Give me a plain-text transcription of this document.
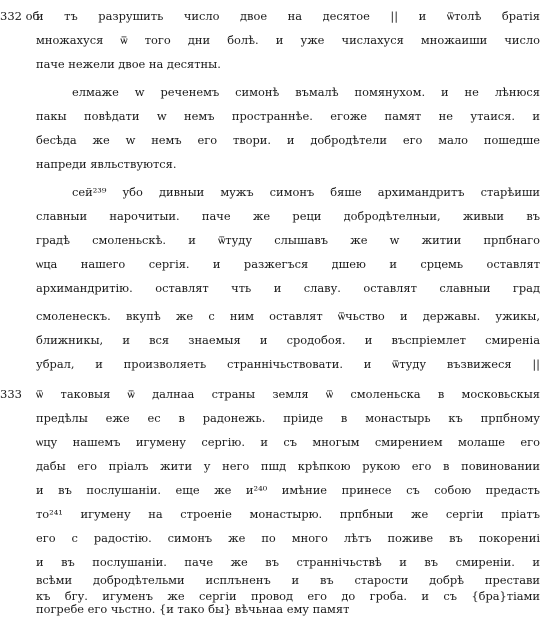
332 об.
333
и тъ разрушить число двое на десятое || и ѿтолѣ братія
множахуся ѿ того дни болѣ. и уже числахуся множаиши число
паче нежели двое на десятны.
елмаже w реченемъ симонѣ въмалѣ помянухом. и не лѣнюся
пакы повѣдати w немъ пространнѣе. егоже памят не утаися. и
бесѣда же w немъ его твори. и добродѣтели его мало пошедше
напреди явльствуются.
сей²³⁹ убо дивныи мужъ симонъ бяше архимандритъ старѣиши
славныи нарочитыи. паче же реци добродѣтелныи, живыи въ
градѣ смоленьскѣ. и ѿтуду слышавъ же w житии прпбнаго
ѡца нашего сергія. и разжегъся дшею и срцемь оставлят
архимандритію. оставлят чть и славу. оставлят славныи град
смоленескъ. вкупѣ же с ним оставлят ѿчьство и державы. ужикы,
ближникы, и вся знаемыя и сродобоя. и въспріемлет смиреніа
убрал, и произволяеть страннічьствовати. и ѿтуду възвижеся ||
ѿ таковыя ѿ далнаа страны земля ѿ смоленьска в московьскыя
предѣлы еже ес в радонежь. пріиде в монастырь къ прпбному
ѡцу нашемъ игумену сергію. и съ многым смирением молаше его
дабы его пріалъ жити у него пшд крѣпкою рукою его в повиновании
и въ послушаніи. еще же и²⁴⁰ имѣние принесе съ собою предасть
то²⁴¹ игумену на строеніе монастырю. прпбныи же сергіи пріатъ
его с радостію. симонъ же по много лѣтъ поживе въ покорениі
и въ послушаніи. паче же въ страннічьствѣ и въ смиреніи. и
всѣми добродѣтельми исплъненъ и въ старости добрѣ престави
къ бгу. игуменъ же сергіи провод его до гроба. и съ {бра}тіами
погребе его чьстно. {и тако бы} вѣчьнаа ему памят
